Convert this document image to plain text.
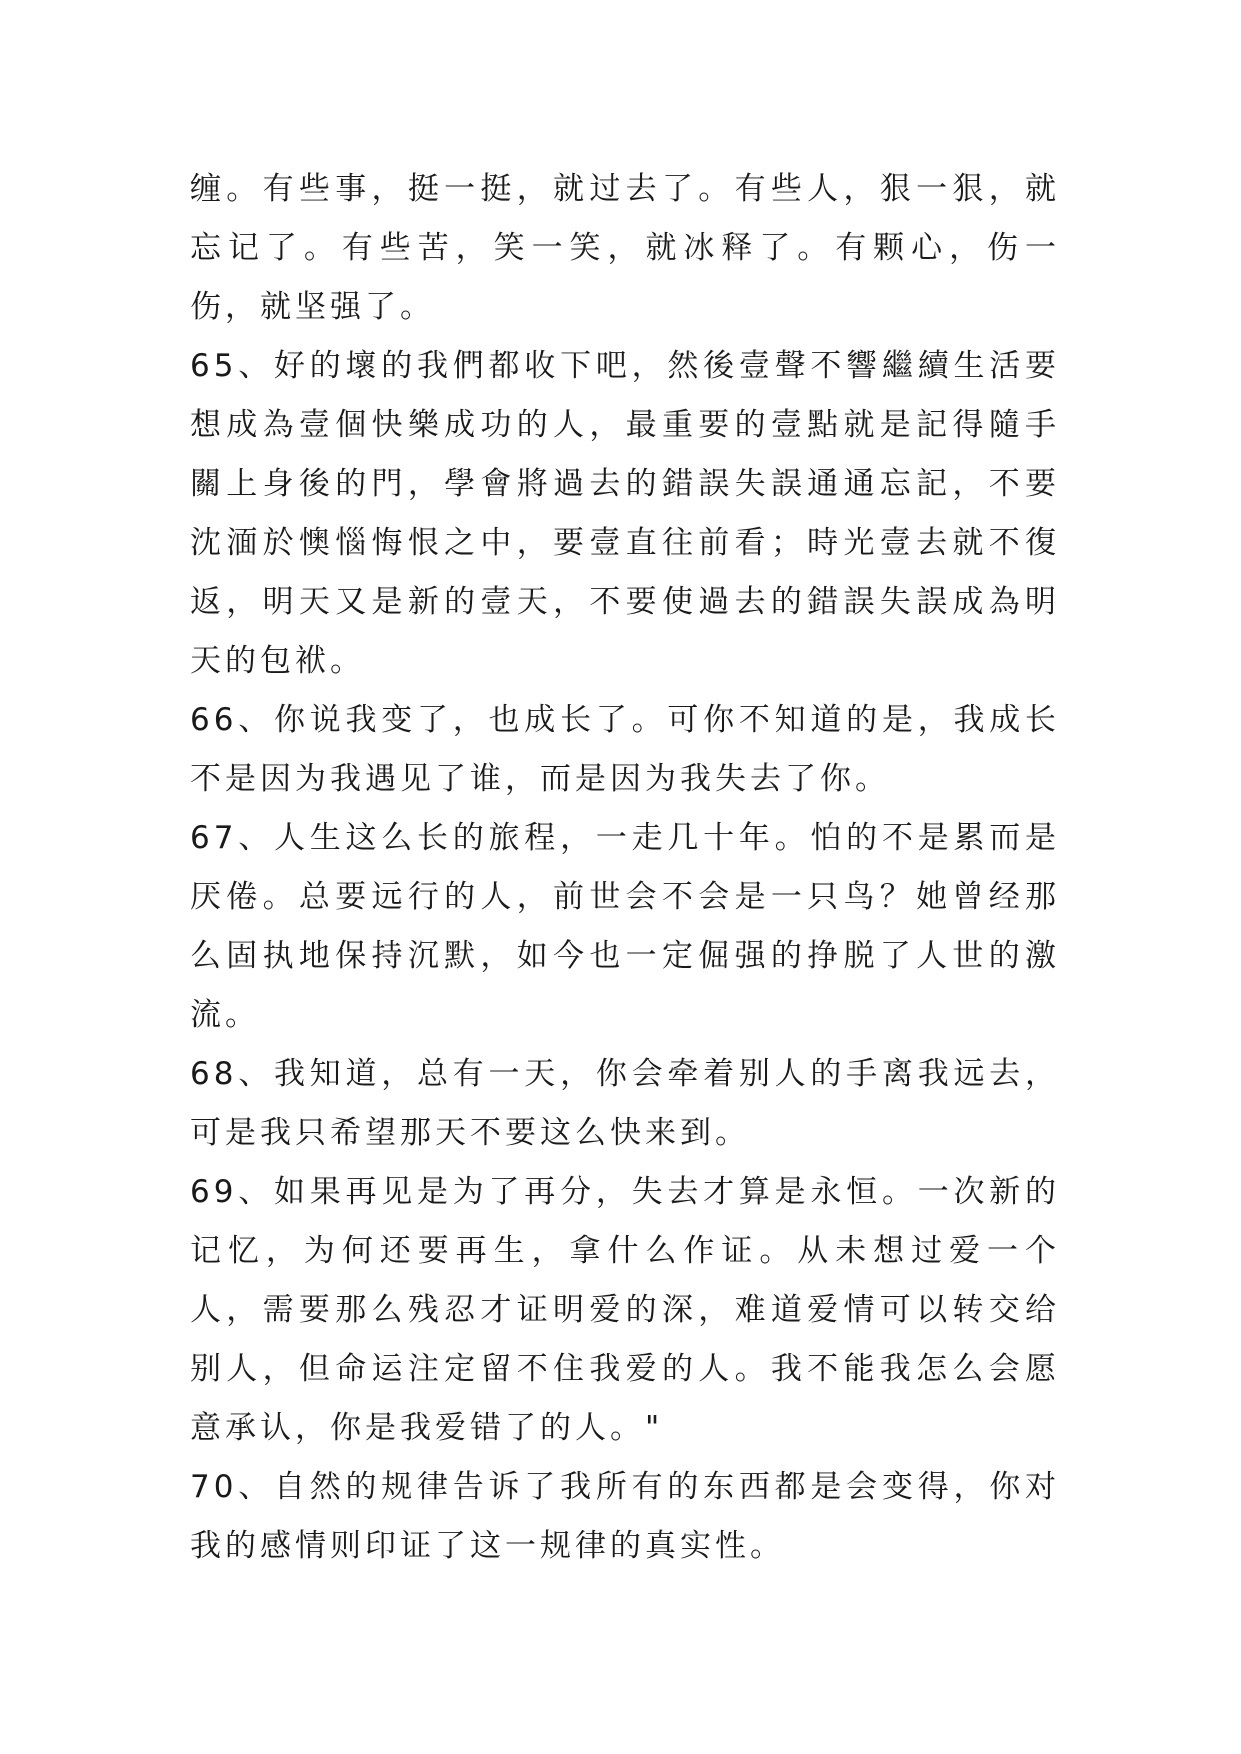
缠。有些事，挺一挺，就过去了。有些人，狠一狠，就忘记了。有些苦，笑一笑，就冰释了。有颗心，伤一伤，就坚强了。

65、好的壞的我們都收下吧，然後壹聲不響繼續生活要想成為壹個快樂成功的人，最重要的壹點就是記得隨手關上身後的門，學會將過去的錯誤失誤通通忘記，不要沈湎於懊惱悔恨之中，要壹直往前看；時光壹去就不復返，明天又是新的壹天，不要使過去的錯誤失誤成為明天的包袱。

66、你说我变了，也成长了。可你不知道的是，我成长不是因为我遇见了谁，而是因为我失去了你。

67、人生这么长的旅程，一走几十年。怕的不是累而是厌倦。总要远行的人，前世会不会是一只鸟？她曾经那么固执地保持沉默，如今也一定倔强的挣脱了人世的激流。

68、我知道，总有一天，你会牵着别人的手离我远去，可是我只希望那天不要这么快来到。

69、如果再见是为了再分，失去才算是永恒。一次新的记忆，为何还要再生，拿什么作证。从未想过爱一个人，需要那么残忍才证明爱的深，难道爱情可以转交给别人，但命运注定留不住我爱的人。我不能我怎么会愿意承认，你是我爱错了的人。"

70、自然的规律告诉了我所有的东西都是会变得，你对我的感情则印证了这一规律的真实性。
